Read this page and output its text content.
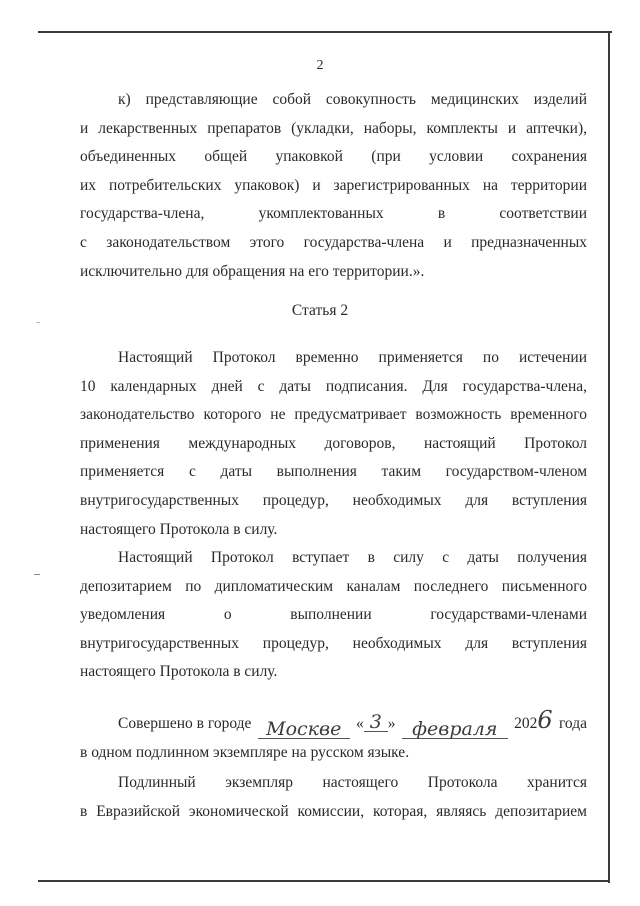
2
к) представляющие собой совокупность медицинских изделий
и лекарственных препаратов (укладки, наборы, комплекты и аптечки),
объединенных общей упаковкой (при условии сохранения
их потребительских упаковок) и зарегистрированных на территории
государства-члена, укомплектованных в соответствии
с законодательством этого государства-члена и предназначенных
исключительно для обращения на его территории.».
Статья 2
Настоящий Протокол временно применяется по истечении
10 календарных дней с даты подписания. Для государства-члена,
законодательство которого не предусматривает возможность временного
применения международных договоров, настоящий Протокол
применяется с даты выполнения таким государством-членом
внутригосударственных процедур, необходимых для вступления
настоящего Протокола в силу.
Настоящий Протокол вступает в силу с даты получения
депозитарием по дипломатическим каналам последнего письменного
уведомления о выполнении государствами-членами
внутригосударственных процедур, необходимых для вступления
настоящего Протокола в силу.
Совершено в городе Москве « 3 » февраля	2026 года
в одном подлинном экземпляре на русском языке.
Подлинный экземпляр настоящего Протокола хранится
в Евразийской экономической комиссии, которая, являясь депозитарием
